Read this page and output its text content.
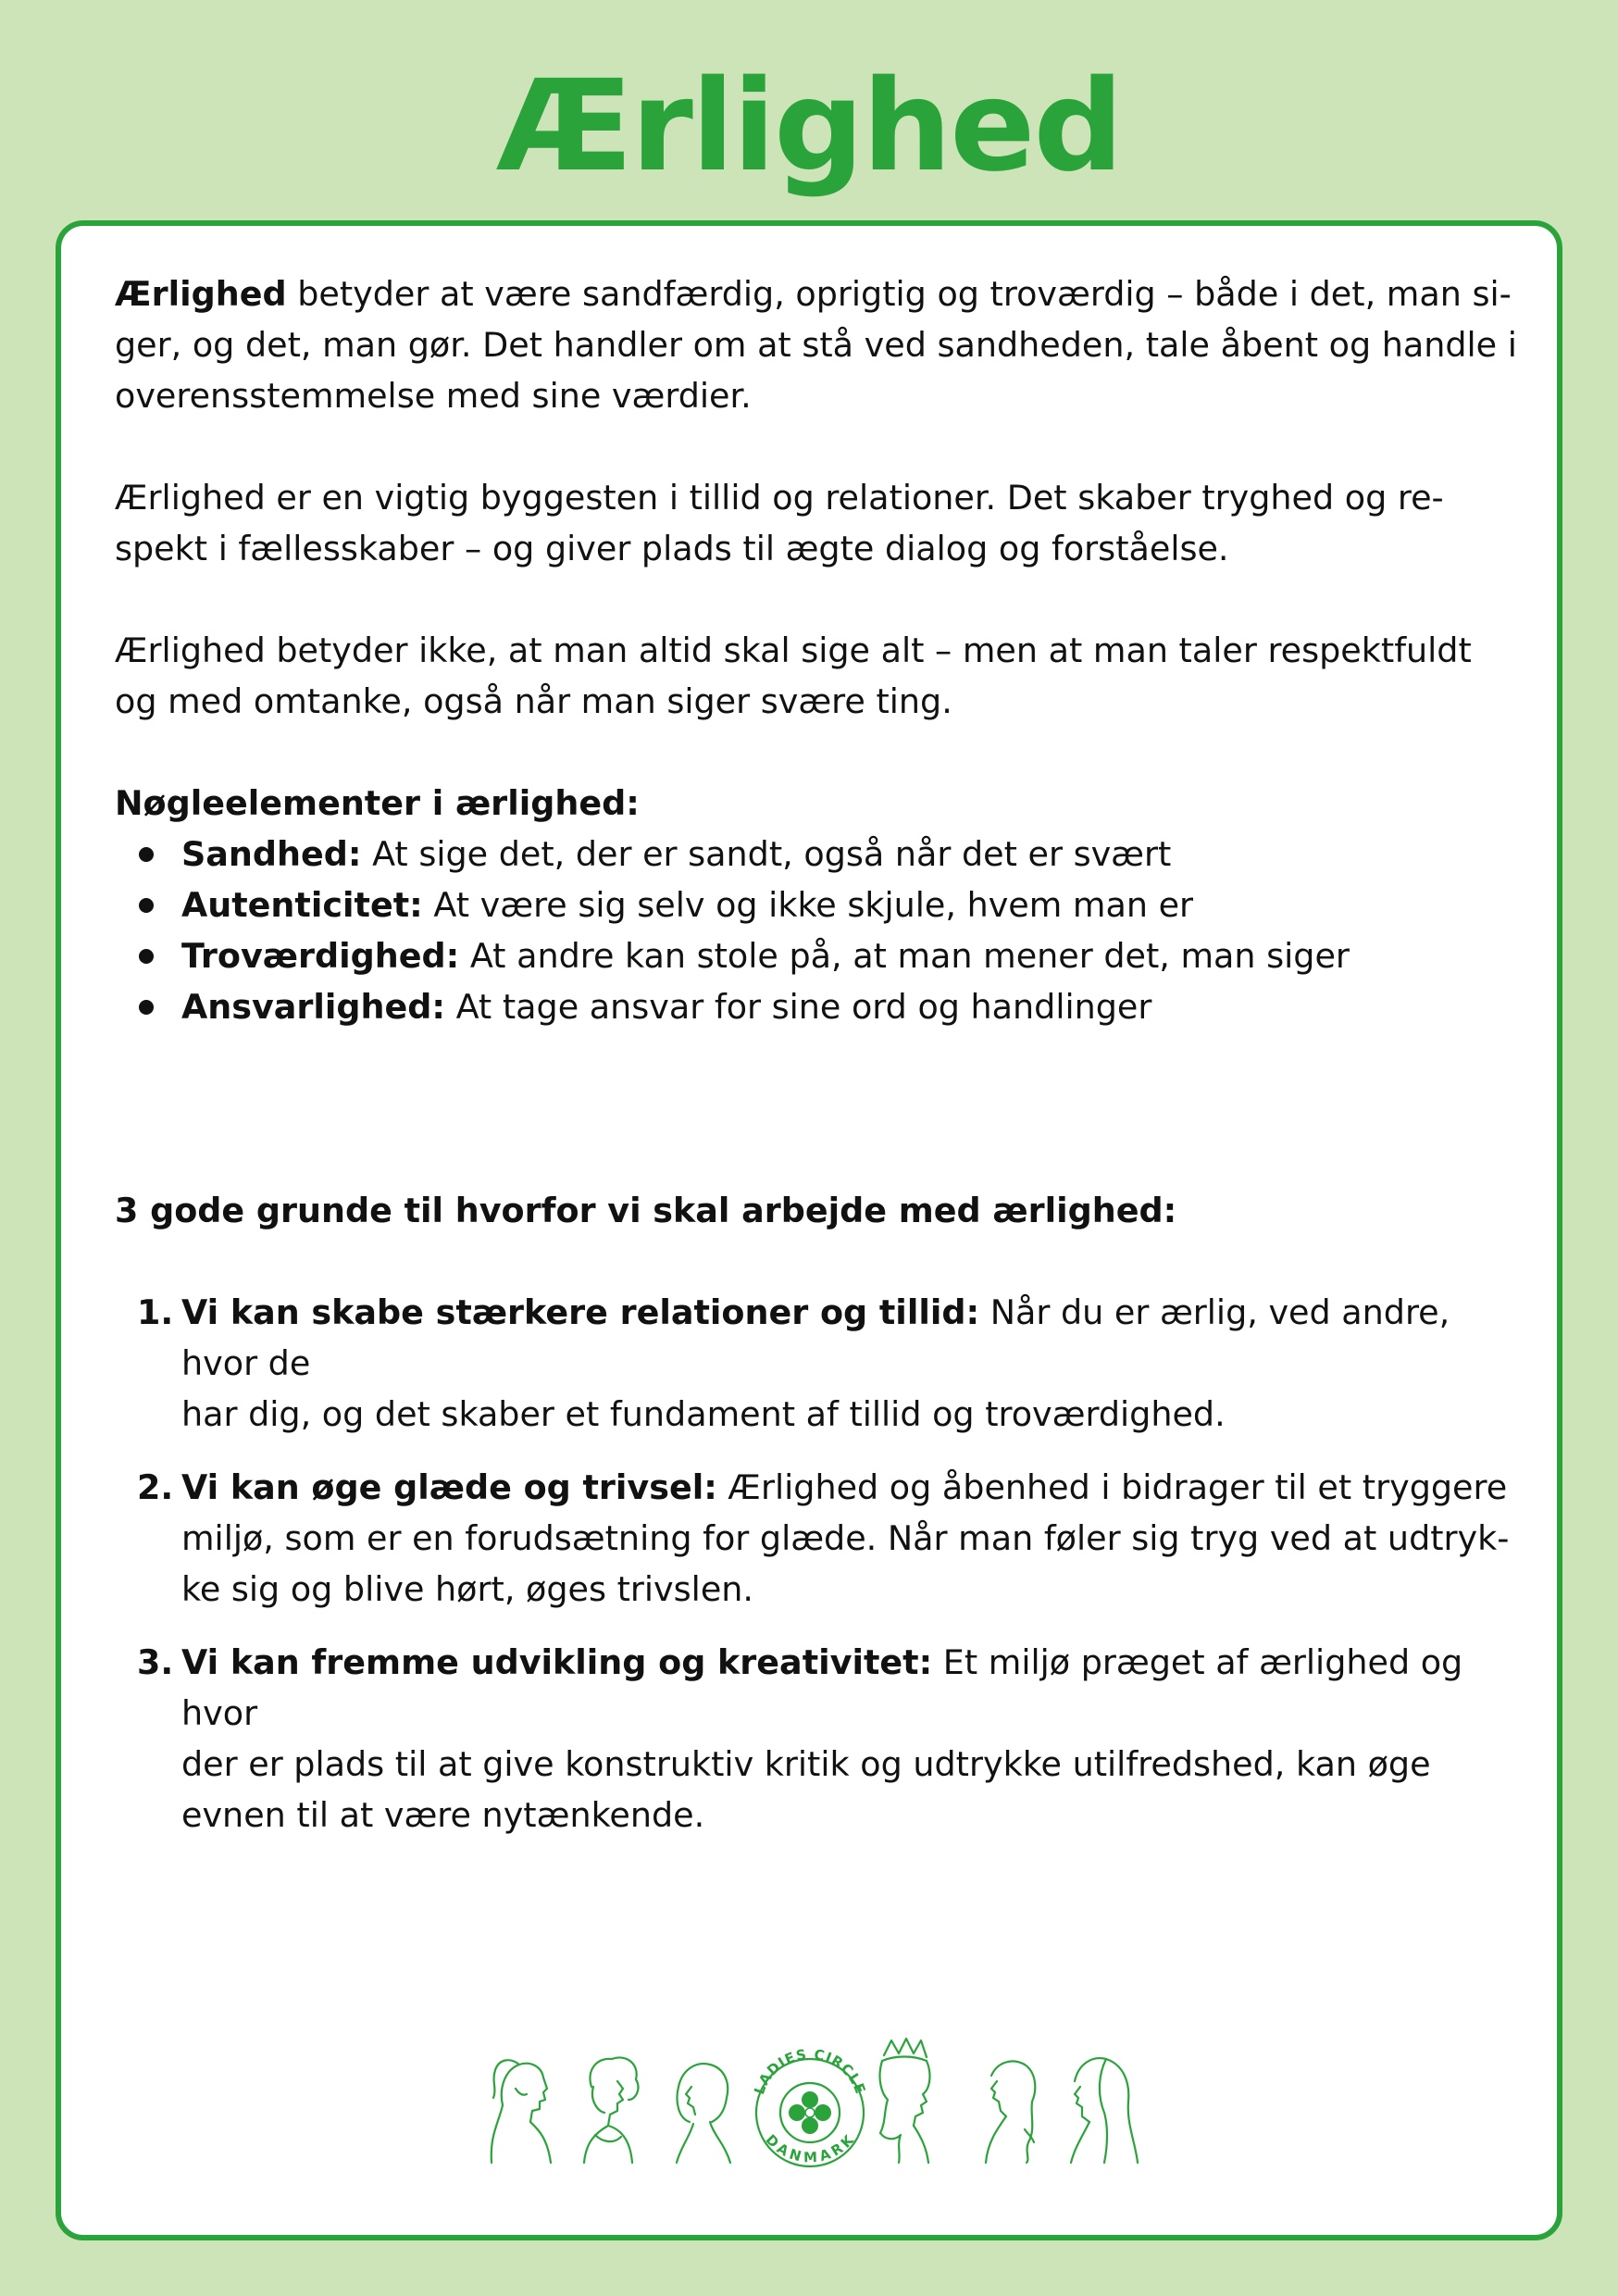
Ærlighed

Ærlighed betyder at være sandfærdig, oprigtig og troværdig – både i det, man si-
ger, og det, man gør. Det handler om at stå ved sandheden, tale åbent og handle i
overensstemmelse med sine værdier.

Ærlighed er en vigtig byggesten i tillid og relationer. Det skaber tryghed og re-
spekt i fællesskaber – og giver plads til ægte dialog og forståelse.

Ærlighed betyder ikke, at man altid skal sige alt – men at man taler respektfuldt
og med omtanke, også når man siger svære ting.

Nøgleelementer i ærlighed:

Sandhed: At sige det, der er sandt, også når det er svært
Autenticitet: At være sig selv og ikke skjule, hvem man er
Troværdighed: At andre kan stole på, at man mener det, man siger
Ansvarlighed: At tage ansvar for sine ord og handlinger

3 gode grunde til hvorfor vi skal arbejde med ærlighed:

1. Vi kan skabe stærkere relationer og tillid: Når du er ærlig, ved andre, hvor de
har dig, og det skaber et fundament af tillid og troværdighed.
2. Vi kan øge glæde og trivsel: Ærlighed og åbenhed i bidrager til et tryggere
miljø, som er en forudsætning for glæde. Når man føler sig tryg ved at udtryk-
ke sig og blive hørt, øges trivslen.
3. Vi kan fremme udvikling og kreativitet: Et miljø præget af ærlighed og hvor
der er plads til at give konstruktiv kritik og udtrykke utilfredshed, kan øge
evnen til at være nytænkende.
LADIES CIRCLE
DANMARK
